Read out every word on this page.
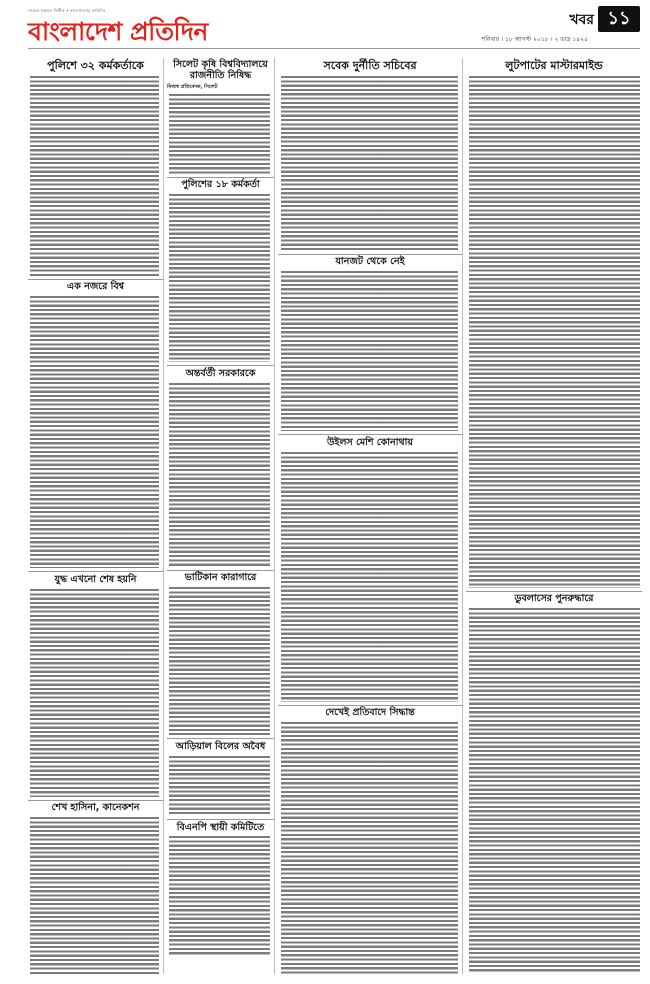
সত্যের সন্ধানে নির্ভীক • বাংলাদেশের প্রতিদিন
বাংলাদেশ প্রতিদিন	খবর ১১
শনিবার । ১৮ আগস্ট ২০১৮ । ২ ভাদ্র ১৪২৫
পুলিশে ৩২ কর্মকর্তাকে
এক নজরে বিশ্ব
যুদ্ধ এখনো শেষ হয়নি
শেখ হাসিনা, কানেকশন
সিলেট কৃষি বিশ্ববিদ্যালয়ে রাজনীতি নিষিদ্ধ
নিজস্ব প্রতিবেদক, সিলেট
পুলিশের ১৮ কর্মকর্তা
অন্তর্বর্তী সরকারকে
ভাটিকান কারাগারে
আড়িয়াল বিলের অবৈধ
বিএনপি স্থায়ী কমিটিতে
সবেক দুর্নীতি সচিবের
যানজট থেকে নেই
উইলস মেশি কোনাথায়
দেখেই প্রতিবাদে সিদ্ধান্ত
লুটপাটের মাস্টারমাইন্ড
ডুবলাসের পুনরুদ্ধারে
